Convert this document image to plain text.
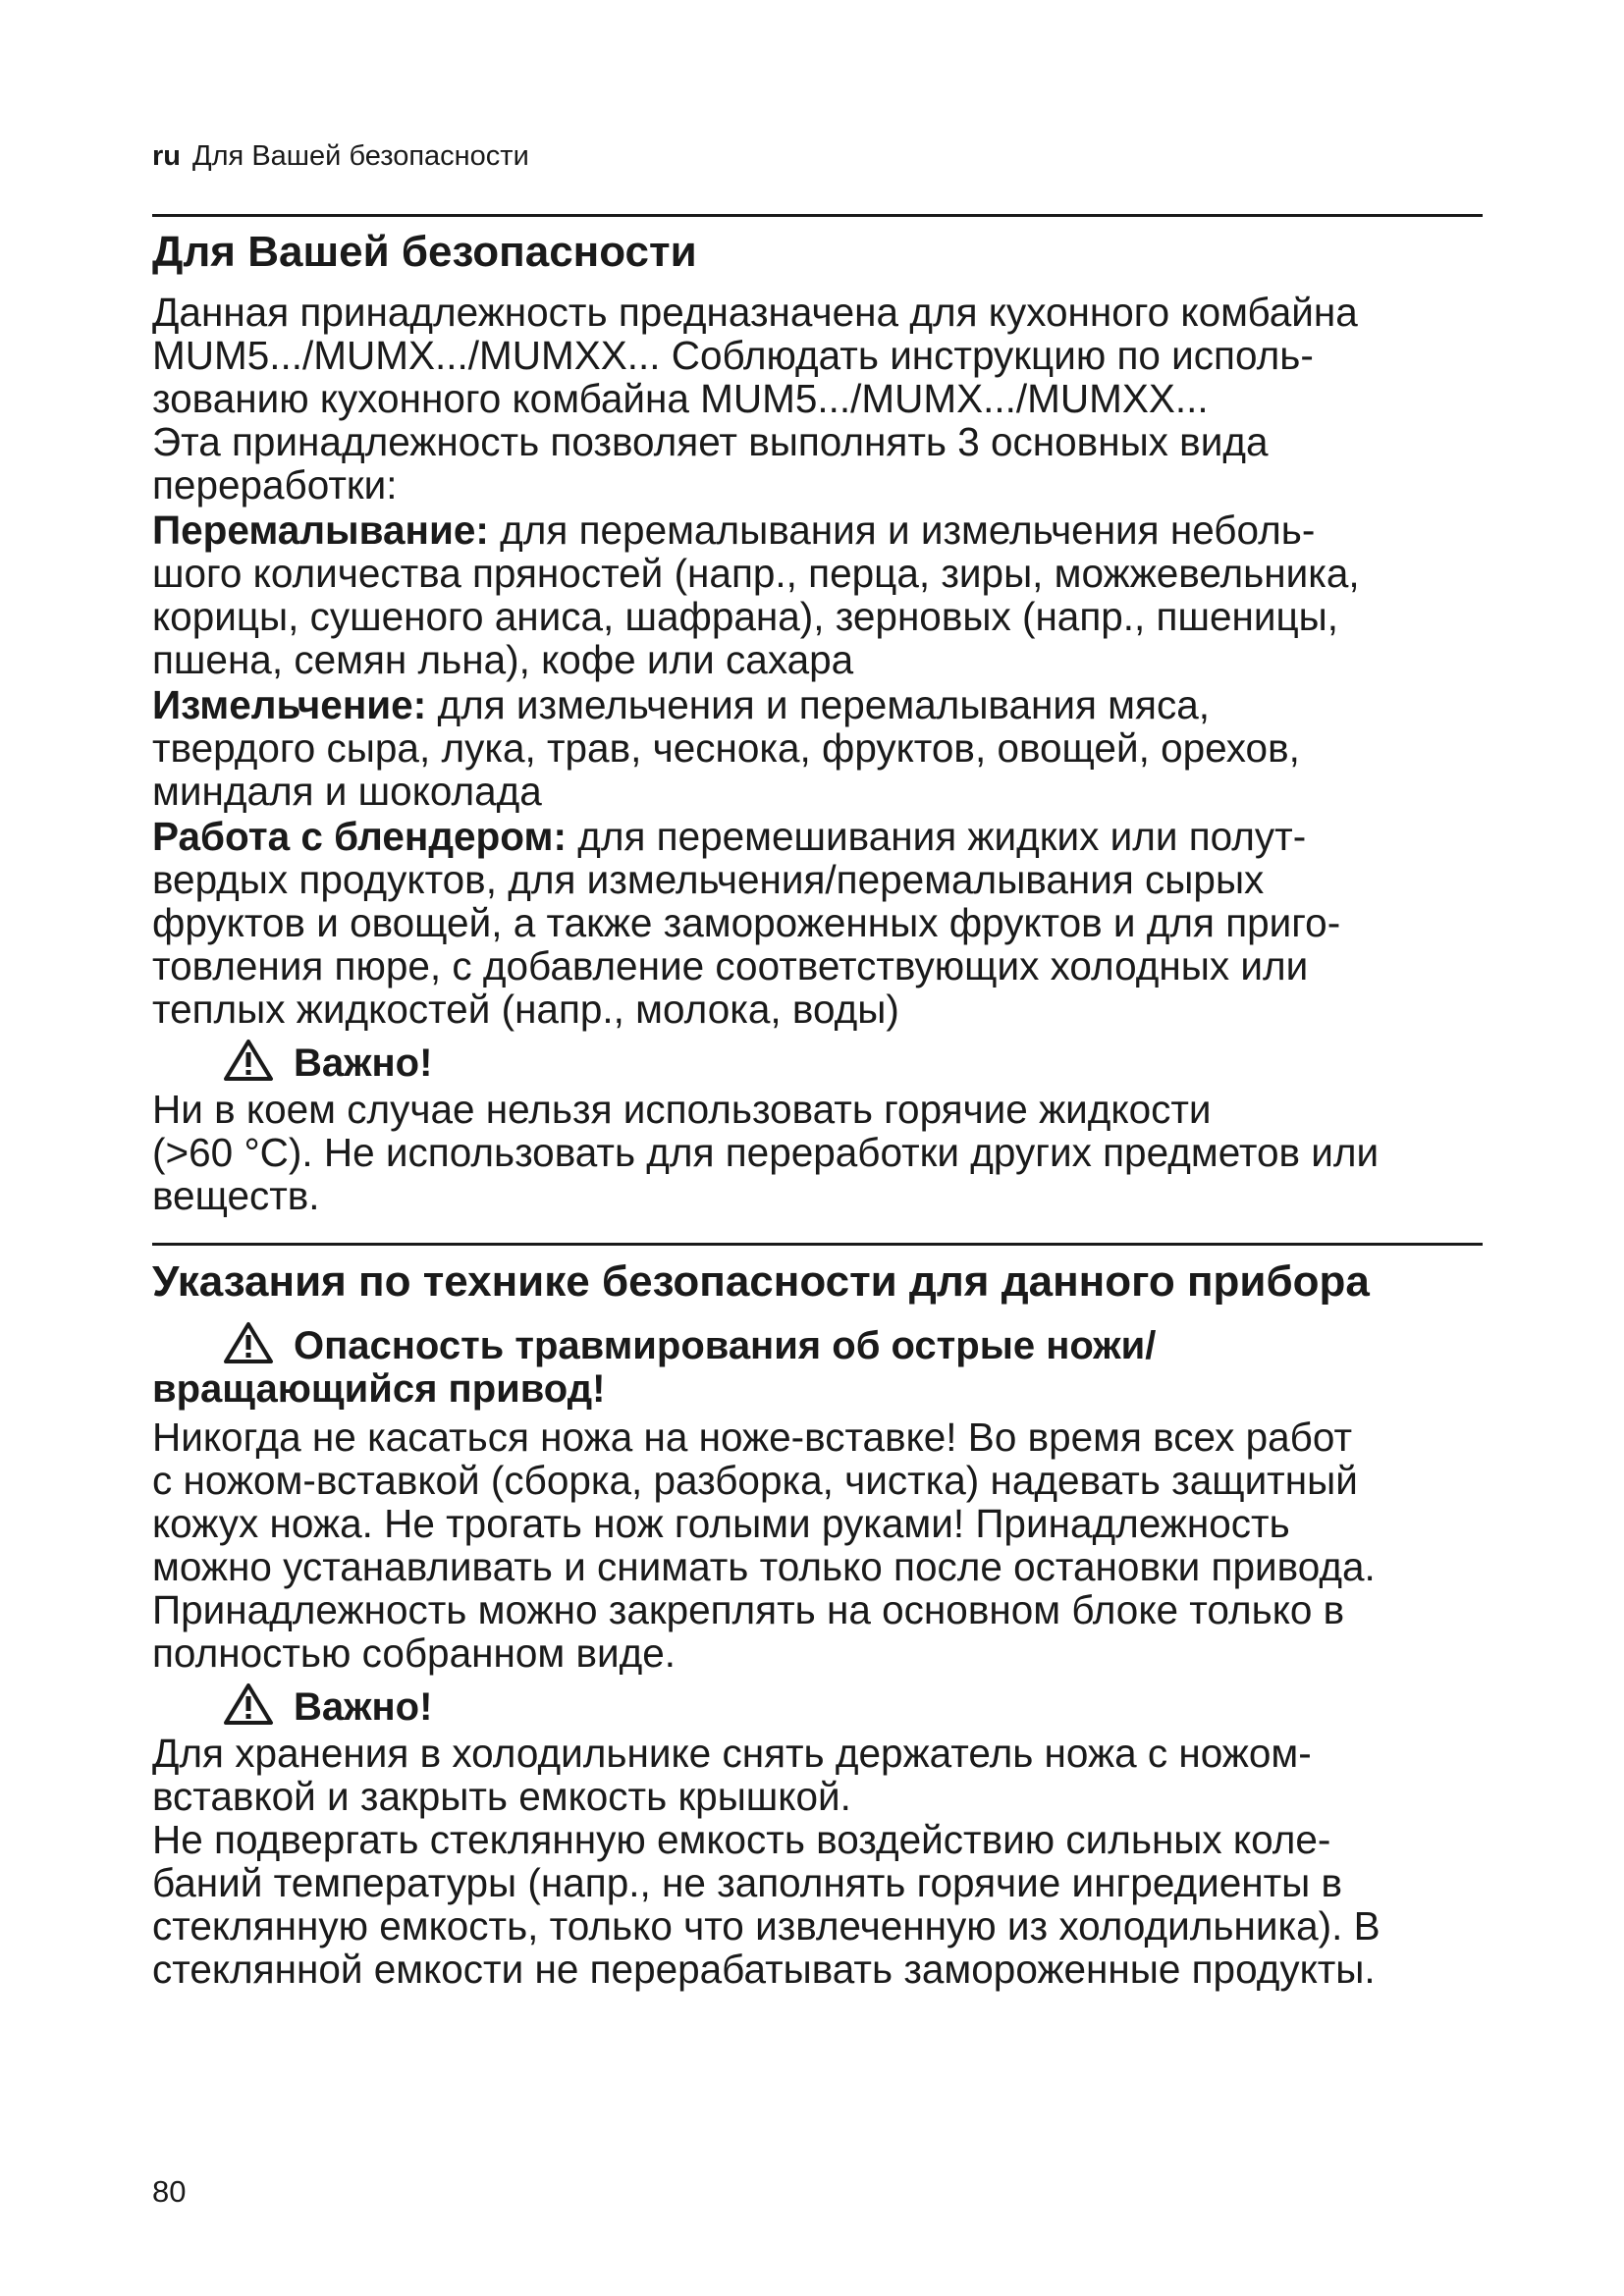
ru Для Вашей безопасности
Для Вашей безопасности
Данная принадлежность предназначена для кухонного комбайна
MUM5.../MUMX.../MUMXX... Соблюдать инструкцию по исполь-
зованию кухонного комбайна MUM5.../MUMX.../MUMXX...
Эта принадлежность позволяет выполнять 3 основных вида
переработки:
Перемалывание: для перемалывания и измельчения неболь-
шого количества пряностей (напр., перца, зиры, можжевельника,
корицы, сушеного аниса, шафрана), зерновых (напр., пшеницы,
пшена, семян льна), кофе или сахара
Измельчение: для измельчения и перемалывания мяса,
твердого сыра, лука, трав, чеснока, фруктов, овощей, орехов,
миндаля и шоколада
Работа с блендером: для перемешивания жидких или полут-
вердых продуктов, для измельчения/перемалывания сырых
фруктов и овощей, а также замороженных фруктов и для приго-
товления пюре, с добавление соответствующих холодных или
теплых жидкостей (напр., молока, воды)
Важно!
Ни в коем случае нельзя использовать горячие жидкости
(>60 °C). Не использовать для переработки других предметов или
веществ.
Указания по технике безопасности для данного прибора
Опасность травмирования об острые ножи/
вращающийся привод!
Никогда не касаться ножа на ноже-вставке! Во время всех работ
с ножом-вставкой (сборка, разборка, чистка) надевать защитный
кожух ножа. Не трогать нож голыми руками! Принадлежность
можно устанавливать и снимать только после остановки привода.
Принадлежность можно закреплять на основном блоке только в
полностью собранном виде.
Важно!
Для хранения в холодильнике снять держатель ножа с ножом-
вставкой и закрыть емкость крышкой.
Не подвергать стеклянную емкость воздействию сильных коле-
баний температуры (напр., не заполнять горячие ингредиенты в
стеклянную емкость, только что извлеченную из холодильника). В
стеклянной емкости не перерабатывать замороженные продукты.
80
